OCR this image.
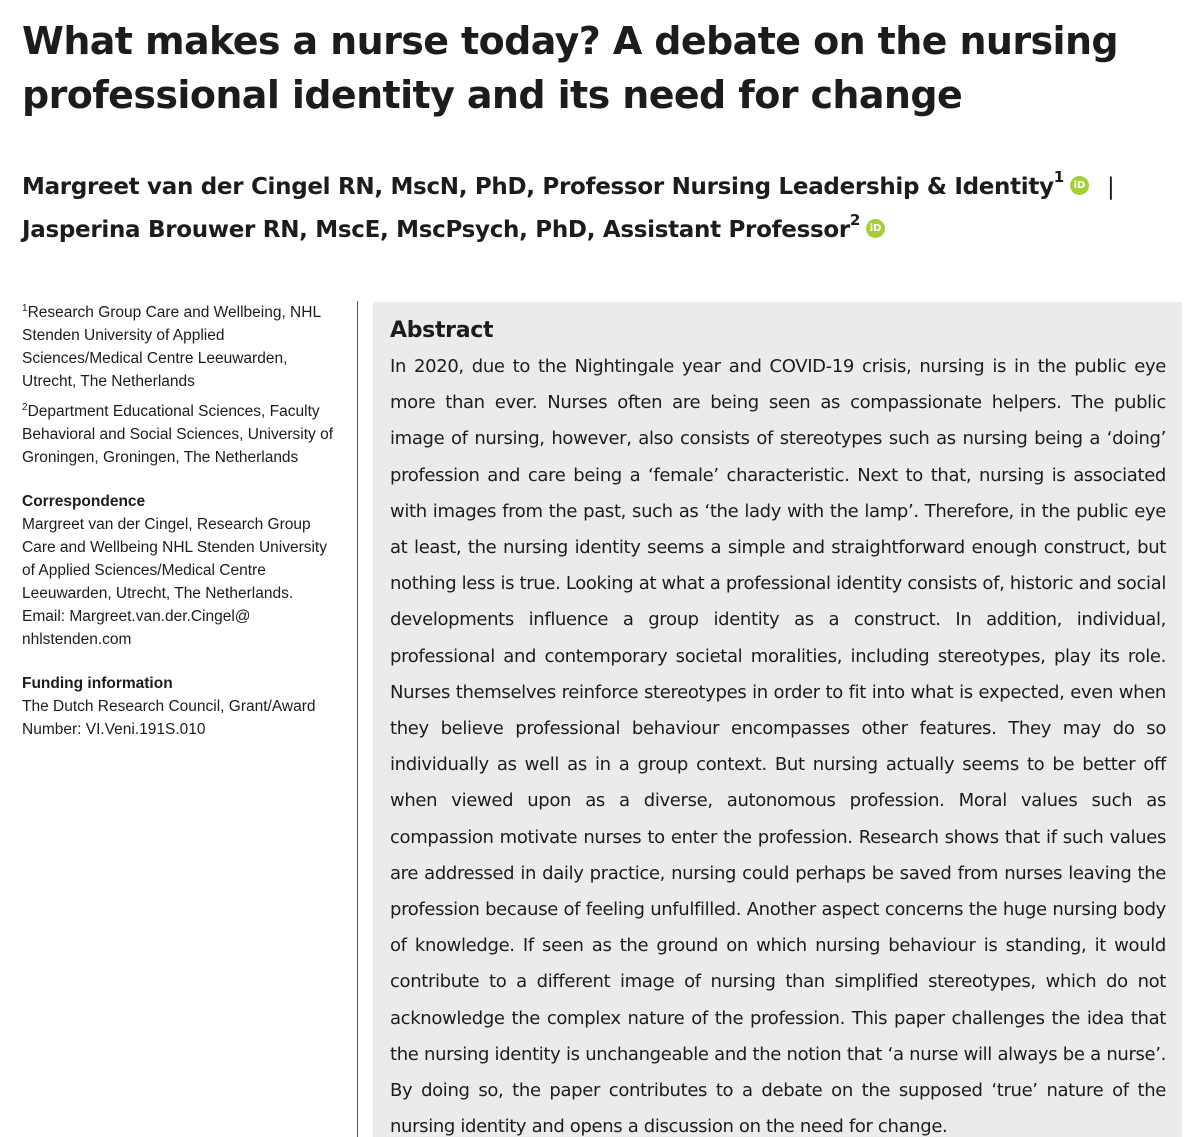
What makes a nurse today? A debate on the nursing professional identity and its need for change
Margreet van der Cingel RN, MscN, PhD, Professor Nursing Leadership & Identity$^1$ iD |
Jasperina Brouwer RN, MscE, MscPsych, PhD, Assistant Professor$^2$ iD

$^1$Research Group Care and Wellbeing, NHL Stenden University of Applied Sciences/Medical Centre Leeuwarden, Utrecht, The Netherlands

$^2$Department Educational Sciences, Faculty Behavioral and Social Sciences, University of Groningen, Groningen, The Netherlands

Correspondence

Margreet van der Cingel, Research Group Care and Wellbeing NHL Stenden University of Applied Sciences/Medical Centre Leeuwarden, Utrecht, The Netherlands.

Email: Margreet.van.der.Cingel@ nhlstenden.com

Funding information

The Dutch Research Council, Grant/Award Number: VI.Veni.191S.010

Abstract

In 2020, due to the Nightingale year and COVID-19 crisis, nursing is in the public eye more than ever. Nurses often are being seen as compassionate helpers. The public image of nursing, however, also consists of stereotypes such as nursing being a ‘doing’ profession and care being a ‘female’ characteristic. Next to that, nursing is associated with images from the past, such as ‘the lady with the lamp’. Therefore, in the public eye at least, the nursing identity seems a simple and straightforward enough construct, but nothing less is true. Looking at what a professional identity consists of, historic and social developments influence a group identity as a construct. In addition, individual, professional and contemporary societal moralities, including stereotypes, play its role. Nurses themselves reinforce stereotypes in order to fit into what is expected, even when they believe professional behaviour encompasses other features. They may do so individually as well as in a group context. But nursing actually seems to be better off when viewed upon as a diverse, autonomous profession. Moral values such as compassion motivate nurses to enter the profession. Research shows that if such values are addressed in daily practice, nursing could perhaps be saved from nurses leaving the profession because of feeling unfulfilled. Another aspect concerns the huge nursing body of knowledge. If seen as the ground on which nursing behaviour is standing, it would contribute to a different image of nursing than simplified stereotypes, which do not acknowledge the complex nature of the profession. This paper challenges the idea that the nursing identity is unchangeable and the notion that ‘a nurse will always be a nurse’. By doing so, the paper contributes to a debate on the supposed ‘true’ nature of the nursing identity and opens a discussion on the need for change.
